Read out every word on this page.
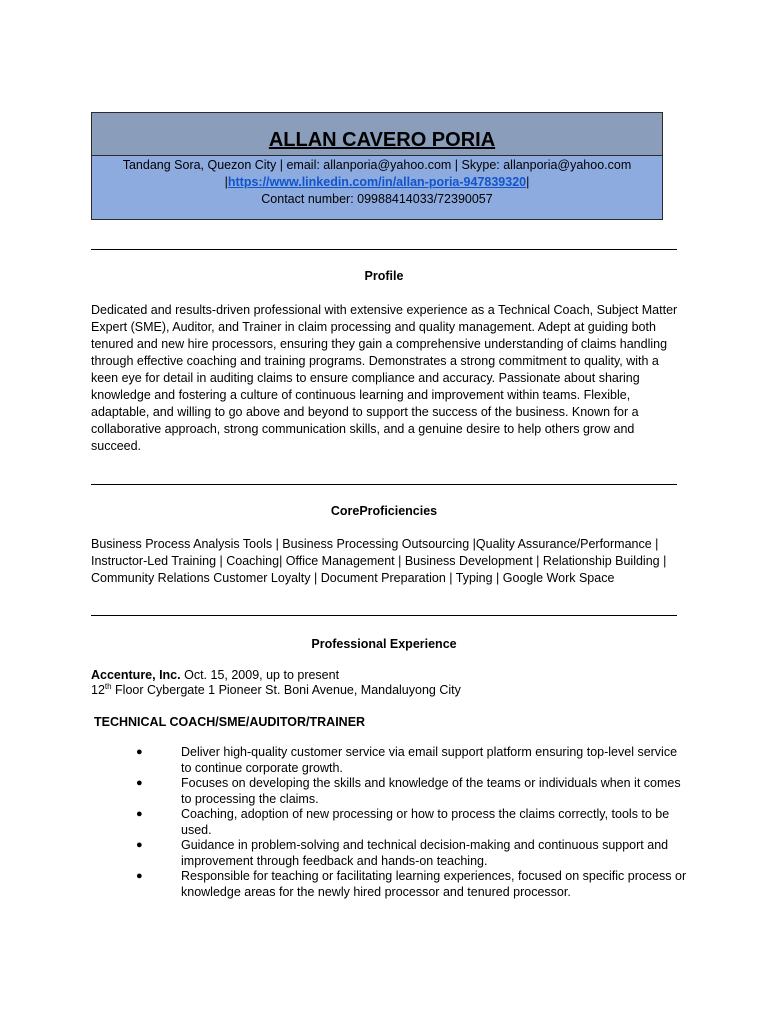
ALLAN CAVERO PORIA
Tandang Sora, Quezon City | email: allanporia@yahoo.com | Skype: allanporia@yahoo.com
|https://www.linkedin.com/in/allan-poria-947839320|
Contact number: 09988414033/72390057
Profile
Dedicated and results-driven professional with extensive experience as a Technical Coach, Subject Matter Expert (SME), Auditor, and Trainer in claim processing and quality management. Adept at guiding both tenured and new hire processors, ensuring they gain a comprehensive understanding of claims handling through effective coaching and training programs. Demonstrates a strong commitment to quality, with a keen eye for detail in auditing claims to ensure compliance and accuracy. Passionate about sharing knowledge and fostering a culture of continuous learning and improvement within teams. Flexible, adaptable, and willing to go above and beyond to support the success of the business. Known for a collaborative approach, strong communication skills, and a genuine desire to help others grow and succeed.
CoreProficiencies
Business Process Analysis Tools | Business Processing Outsourcing |Quality Assurance/Performance | Instructor-Led Training | Coaching| Office Management | Business Development | Relationship Building | Community Relations Customer Loyalty | Document Preparation | Typing | Google Work Space
Professional Experience
Accenture, Inc. Oct. 15, 2009, up to present
12th Floor Cybergate 1 Pioneer St. Boni Avenue, Mandaluyong City
TECHNICAL COACH/SME/AUDITOR/TRAINER
●	Deliver high-quality customer service via email support platform ensuring top-level service to continue corporate growth.
●	Focuses on developing the skills and knowledge of the teams or individuals when it comes to processing the claims.
●	Coaching, adoption of new processing or how to process the claims correctly, tools to be used.
●	Guidance in problem-solving and technical decision-making and continuous support and improvement through feedback and hands-on teaching.
●	Responsible for teaching or facilitating learning experiences, focused on specific process or knowledge areas for the newly hired processor and tenured processor.
